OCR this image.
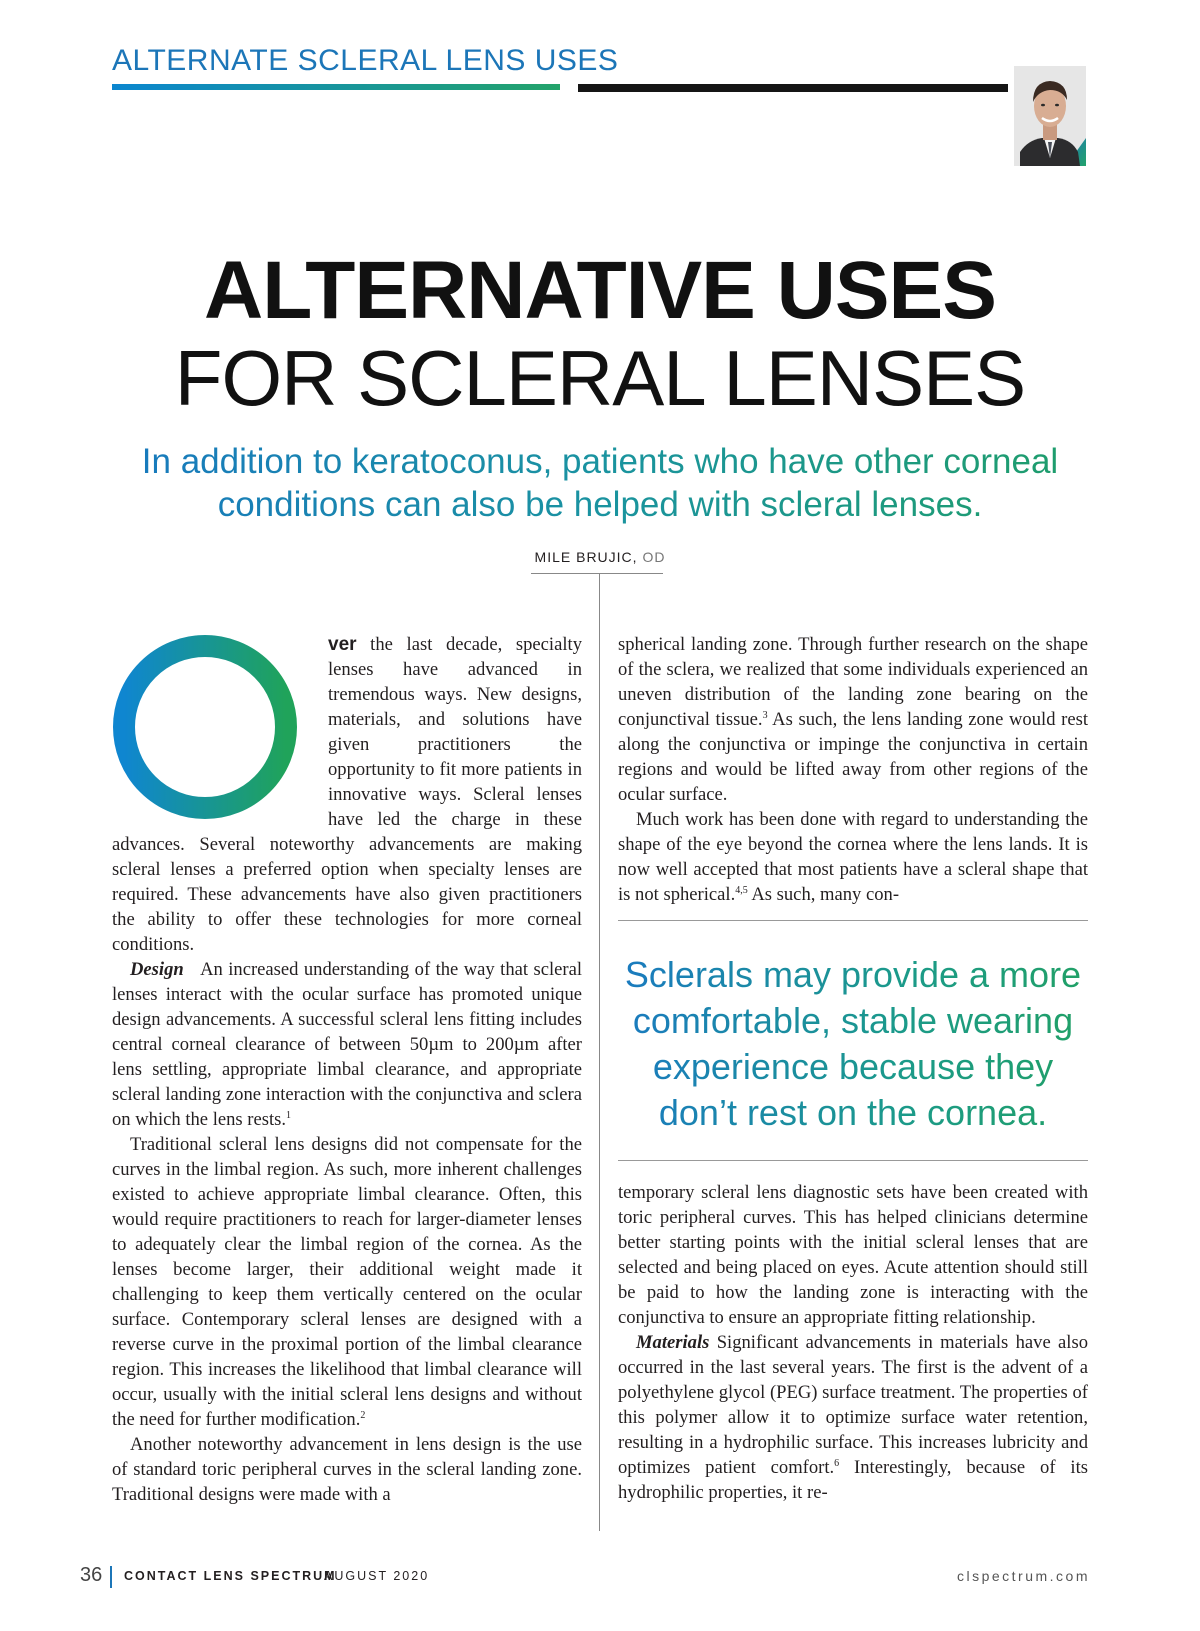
ALTERNATE SCLERAL LENS USES
ALTERNATIVE USES
FOR SCLERAL LENSES
In addition to keratoconus, patients who have other corneal conditions can also be helped with scleral lenses.
MILE BRUJIC, OD
O

ver the last decade, specialty lenses have advanced in tremendous ways. New designs, materials, and solutions have given practitioners the opportunity to fit more patients in innovative ways. Scleral lenses have led the charge in these advances. Several noteworthy advancements are making scleral lenses a preferred option when specialty lenses are required. These advancements have also given practitioners the ability to offer these technologies for more corneal conditions.

Design An increased understanding of the way that scleral lenses interact with the ocular surface has promoted unique design advancements. A successful scleral lens fitting includes central corneal clearance of between 50µm to 200µm after lens settling, appropriate limbal clearance, and appropriate scleral landing zone interaction with the conjunctiva and sclera on which the lens rests.$^1$

Traditional scleral lens designs did not compensate for the curves in the limbal region. As such, more inherent challenges existed to achieve appropriate limbal clearance. Often, this would require practitioners to reach for larger-diameter lenses to adequately clear the limbal region of the cornea. As the lenses become larger, their additional weight made it challenging to keep them vertically centered on the ocular surface. Contemporary scleral lenses are designed with a reverse curve in the proximal portion of the limbal clearance region. This increases the likelihood that limbal clearance will occur, usually with the initial scleral lens designs and without the need for further modification.$^2$

Another noteworthy advancement in lens design is the use of standard toric peripheral curves in the scleral landing zone. Traditional designs were made with a

spherical landing zone. Through further research on the shape of the sclera, we realized that some individuals experienced an uneven distribution of the landing zone bearing on the conjunctival tissue.$^3$ As such, the lens landing zone would rest along the conjunctiva or impinge the conjunctiva in certain regions and would be lifted away from other regions of the ocular surface.

Much work has been done with regard to understanding the shape of the eye beyond the cornea where the lens lands. It is now well accepted that most patients have a scleral shape that is not spherical.$^{4,5}$ As such, many con-

Sclerals may provide a more comfortable, stable wearing experience because they don’t rest on the cornea.

temporary scleral lens diagnostic sets have been created with toric peripheral curves. This has helped clinicians determine better starting points with the initial scleral lenses that are selected and being placed on eyes. Acute attention should still be paid to how the landing zone is interacting with the conjunctiva to ensure an appropriate fitting relationship.

Materials Significant advancements in materials have also occurred in the last several years. The first is the advent of a polyethylene glycol (PEG) surface treatment. The properties of this polymer allow it to optimize surface water retention, resulting in a hydrophilic surface. This increases lubricity and optimizes patient comfort.$^6$ Interestingly, because of its hydrophilic properties, it re-

36 CONTACT LENS SPECTRUM
AUGUST 2020	clspectrum.com
